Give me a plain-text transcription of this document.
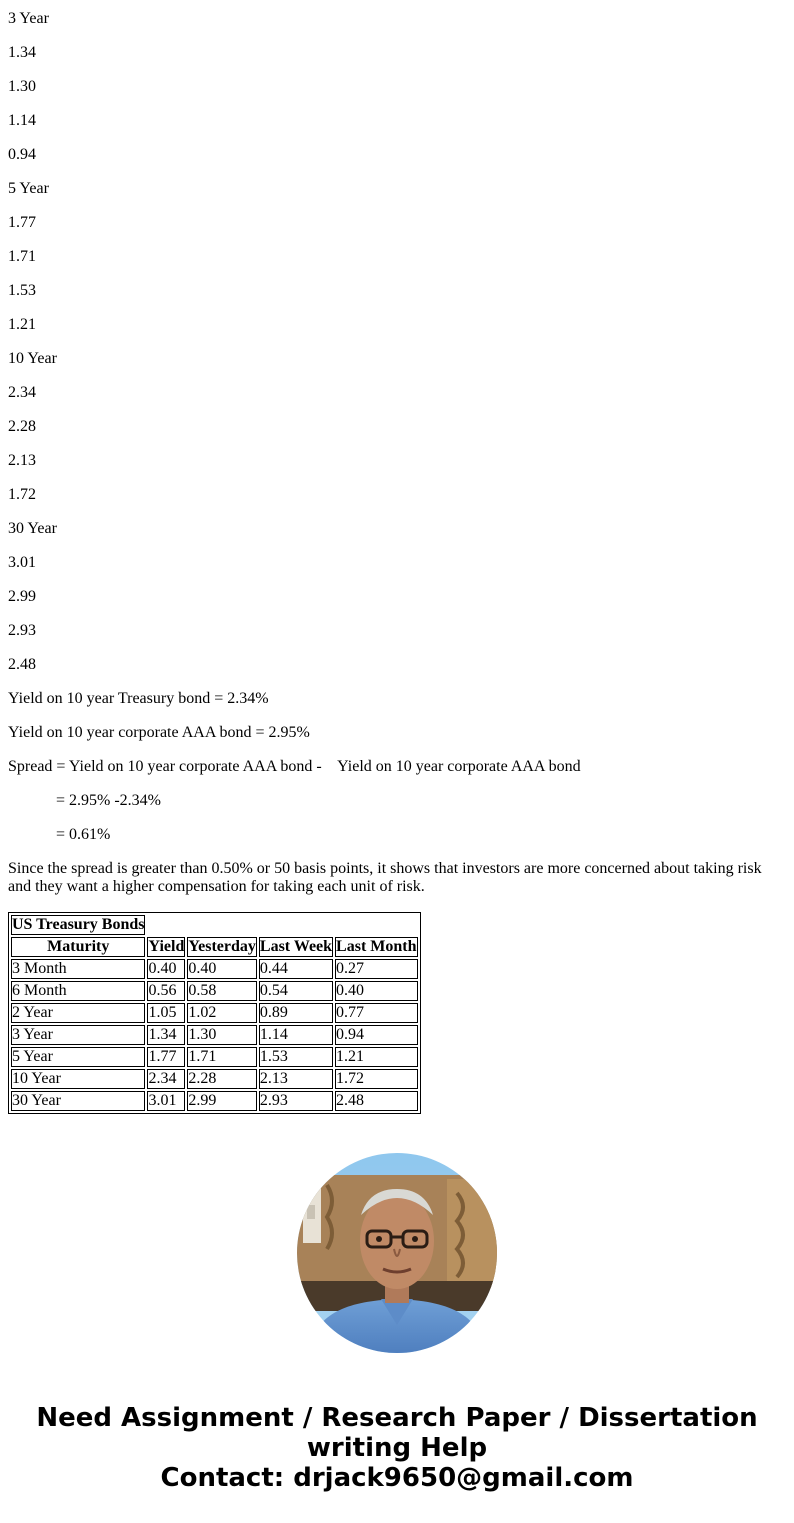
3 Year

1.34

1.30

1.14

0.94

5 Year

1.77

1.71

1.53

1.21

10 Year

2.34

2.28

2.13

1.72

30 Year

3.01

2.99

2.93

2.48

Yield on 10 year Treasury bond = 2.34%

Yield on 10 year corporate AAA bond = 2.95%

Spread = Yield on 10 year corporate AAA bond -    Yield on 10 year corporate AAA bond

= 2.95% -2.34%

= 0.61%

Since the spread is greater than 0.50% or 50 basis points, it shows that investors are more concerned about taking risk and they want a higher compensation for taking each unit of risk.

US Treasury Bonds				
Maturity	Yield	Yesterday	Last Week	Last Month
3 Month	0.40	0.40	0.44	0.27
6 Month	0.56	0.58	0.54	0.40
2 Year	1.05	1.02	0.89	0.77
3 Year	1.34	1.30	1.14	0.94
5 Year	1.77	1.71	1.53	1.21
10 Year	2.34	2.28	2.13	1.72
30 Year	3.01	2.99	2.93	2.48
Need Assignment / Research Paper / Dissertation
writing Help
Contact: drjack9650@gmail.com
